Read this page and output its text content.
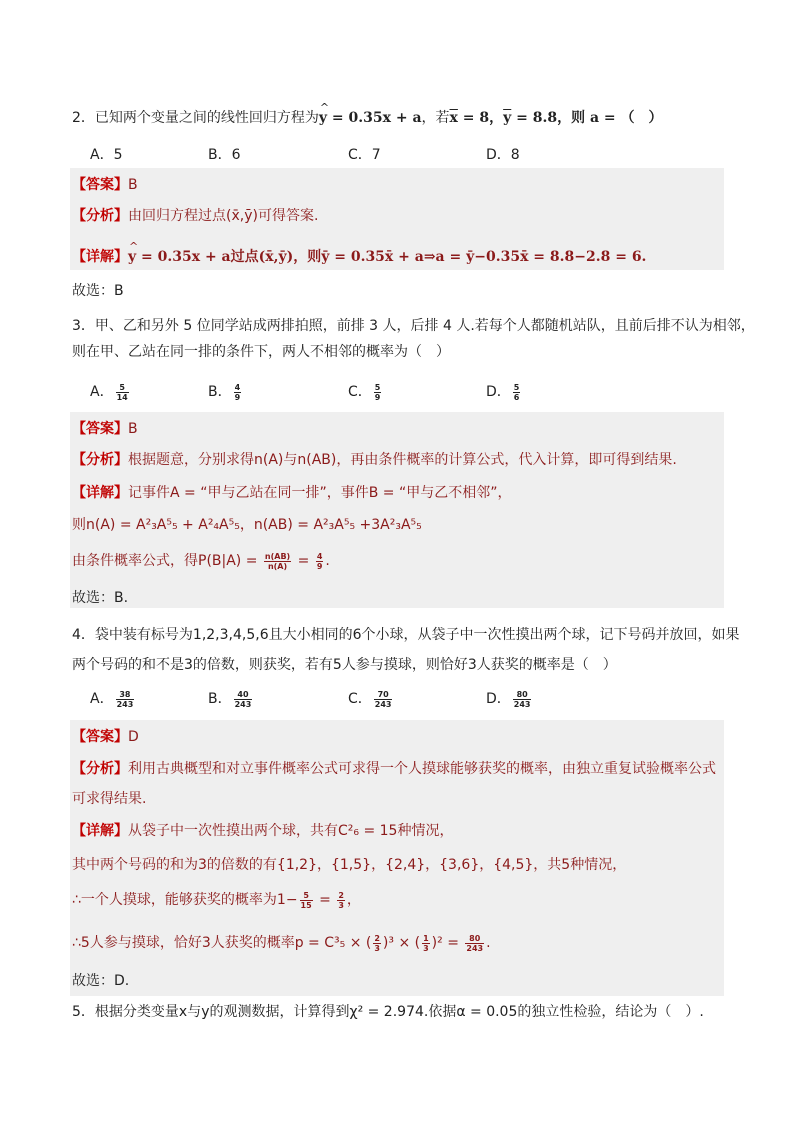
2．已知两个变量之间的线性回归方程为^ y = 0.35x + a，若$\overline{x} = 8$，$\overline{y} = 8.8$，则 a = （　）
A．5	B．6	C．7	D．8
【答案】B
【分析】由回归方程过点(x̄,ȳ)可得答案.
【详解】^ y = 0.35x + a过点(x̄,ȳ)，则ȳ = 0.35x̄ + a⇒a = ȳ−0.35x̄ = 8.8−2.8 = 6.
故选：B
3．甲、乙和另外 5 位同学站成两排拍照，前排 3 人，后排 4 人.若每个人都随机站队，且前后排不认为相邻，
则在甲、乙站在同一排的条件下，两人不相邻的概率为（　）
A． $\frac{5}{14}$	B． $\frac{4}{9}$	C． $\frac{5}{9}$	D． $\frac{5}{6}$
【答案】B
【分析】根据题意，分别求得n(A)与n(AB)，再由条件概率的计算公式，代入计算，即可得到结果.
【详解】记事件A = “甲与乙站在同一排”，事件B = “甲与乙不相邻”，
则n(A) = A²₃A⁵₅ + A²₄A⁵₅，n(AB) = A²₃A⁵₅ +3A²₃A⁵₅
由条件概率公式，得$P(B|A) = \frac{n(AB)}{n(A)} = \frac{4}{9}$ .
故选：B.
4．袋中装有标号为1,2,3,4,5,6且大小相同的6个小球，从袋子中一次性摸出两个球，记下号码并放回，如果
两个号码的和不是3的倍数，则获奖，若有5人参与摸球，则恰好3人获奖的概率是（　）
A． $\frac{38}{243}$	B． $\frac{40}{243}$	C． $\frac{70}{243}$	D． $\frac{80}{243}$
【答案】D
【分析】利用古典概型和对立事件概率公式可求得一个人摸球能够获奖的概率，由独立重复试验概率公式
可求得结果.
【详解】从袋子中一次性摸出两个球，共有C²₆ = 15种情况，
其中两个号码的和为3的倍数的有{1,2}，{1,5}，{2,4}，{3,6}，{4,5}，共5种情况，
∴一个人摸球，能够获奖的概率为$1- \frac{5}{15} = \frac{2}{3}$ ，
∴5人参与摸球，恰好3人获奖的概率p = C³₅ × ( $\frac{2}{3} )^3$ × ( $\frac{1}{3} )^2 = \frac{80}{243}$ .
故选：D.
5．根据分类变量x与y的观测数据，计算得到χ² = 2.974.依据α = 0.05的独立性检验，结论为（　）.
